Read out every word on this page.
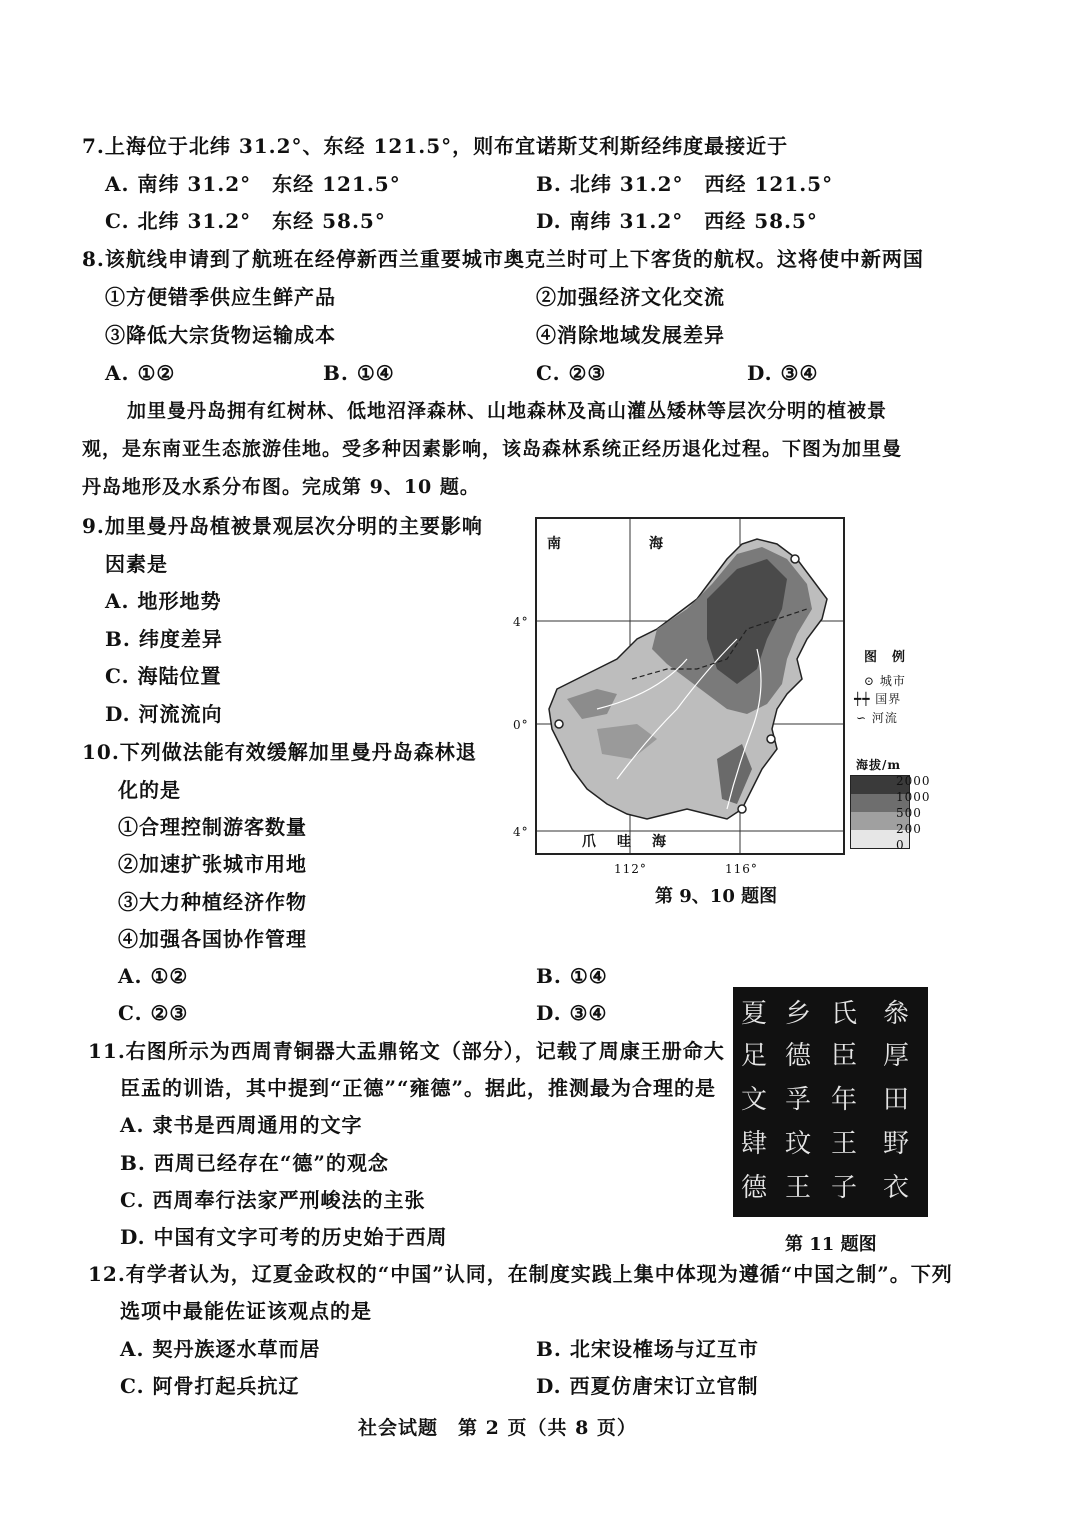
7.上海位于北纬 31.2°、东经 121.5°，则布宜诺斯艾利斯经纬度最接近于
A. 南纬 31.2°　东经 121.5°	B. 北纬 31.2°　西经 121.5°
C. 北纬 31.2°　东经 58.5°	D. 南纬 31.2°　西经 58.5°
8.该航线申请到了航班在经停新西兰重要城市奥克兰时可上下客货的航权。这将使中新两国
①方便错季供应生鲜产品	②加强经济文化交流
③降低大宗货物运输成本	④消除地域发展差异
A. ①②	B. ①④	C. ②③	D. ③④
加里曼丹岛拥有红树林、低地沼泽森林、山地森林及高山灌丛矮林等层次分明的植被景
观，是东南亚生态旅游佳地。受多种因素影响，该岛森林系统正经历退化过程。下图为加里曼
丹岛地形及水系分布图。完成第 9、10 题。
9.加里曼丹岛植被景观层次分明的主要影响
因素是
A. 地形地势
B. 纬度差异
C. 海陆位置
D. 河流流向
10.下列做法能有效缓解加里曼丹岛森林退
化的是
①合理控制游客数量
②加速扩张城市用地
③大力种植经济作物
④加强各国协作管理
A. ①②	B. ①④
C. ②③	D. ③④
南	海
爪 哇 海
4°
0°
4°
112°	116°
图　例
⊙ 城市
┿┿ 国界
∽ 河流
海拔/m
2000
1000
500
200
0
第 9、10 题图
夏 乡 氏 叅
足 德 臣 厚
文 孚 年 田
肆 玟 王 野
德 王 子 衣
第 11 题图
11.右图所示为西周青铜器大盂鼎铭文（部分），记载了周康王册命大
臣盂的训诰，其中提到“正德”“雍德”。据此，推测最为合理的是
A. 隶书是西周通用的文字
B. 西周已经存在“德”的观念
C. 西周奉行法家严刑峻法的主张
D. 中国有文字可考的历史始于西周
12.有学者认为，辽夏金政权的“中国”认同，在制度实践上集中体现为遵循“中国之制”。下列
选项中最能佐证该观点的是
A. 契丹族逐水草而居	B. 北宋设榷场与辽互市
C. 阿骨打起兵抗辽	D. 西夏仿唐宋订立官制
社会试题　第 2 页（共 8 页）
